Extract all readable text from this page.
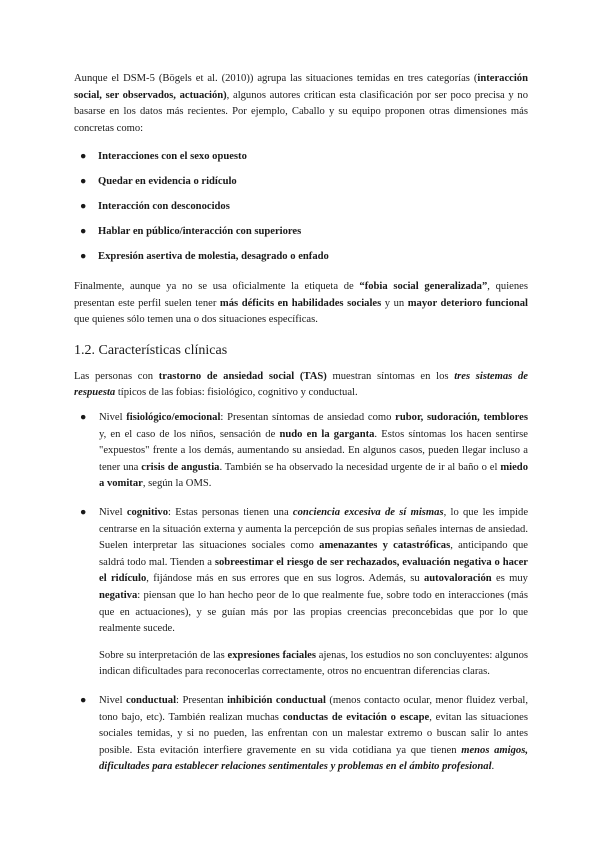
Aunque el DSM-5 (Bögels et al. (2010)) agrupa las situaciones temidas en tres categorías (interacción social, ser observados, actuación), algunos autores critican esta clasificación por ser poco precisa y no basarse en los datos más recientes. Por ejemplo, Caballo y su equipo proponen otras dimensiones más concretas como:

● Interacciones con el sexo opuesto
● Quedar en evidencia o ridículo
● Interacción con desconocidos
● Hablar en público/interacción con superiores
● Expresión asertiva de molestia, desagrado o enfado

Finalmente, aunque ya no se usa oficialmente la etiqueta de “fobia social generalizada”, quienes presentan este perfil suelen tener más déficits en habilidades sociales y un mayor deterioro funcional que quienes sólo temen una o dos situaciones específicas.

1.2. Características clínicas

Las personas con trastorno de ansiedad social (TAS) muestran síntomas en los tres sistemas de respuesta típicos de las fobias: fisiológico, cognitivo y conductual.

● Nivel fisiológico/emocional: Presentan síntomas de ansiedad como rubor, sudoración, temblores y, en el caso de los niños, sensación de nudo en la garganta. Estos síntomas los hacen sentirse "expuestos" frente a los demás, aumentando su ansiedad. En algunos casos, pueden llegar incluso a tener una crisis de angustia. También se ha observado la necesidad urgente de ir al baño o el miedo a vomitar, según la OMS.

● Nivel cognitivo: Estas personas tienen una conciencia excesiva de sí mismas, lo que les impide centrarse en la situación externa y aumenta la percepción de sus propias señales internas de ansiedad. Suelen interpretar las situaciones sociales como amenazantes y catastróficas, anticipando que saldrá todo mal. Tienden a sobreestimar el riesgo de ser rechazados, evaluación negativa o hacer el ridículo, fijándose más en sus errores que en sus logros. Además, su autovaloración es muy negativa: piensan que lo han hecho peor de lo que realmente fue, sobre todo en interacciones (más que en actuaciones), y se guían más por las propias creencias preconcebidas que por lo que realmente sucede.

Sobre su interpretación de las expresiones faciales ajenas, los estudios no son concluyentes: algunos indican dificultades para reconocerlas correctamente, otros no encuentran diferencias claras.

● Nivel conductual: Presentan inhibición conductual (menos contacto ocular, menor fluidez verbal, tono bajo, etc). También realizan muchas conductas de evitación o escape, evitan las situaciones sociales temidas, y si no pueden, las enfrentan con un malestar extremo o buscan salir lo antes posible. Esta evitación interfiere gravemente en su vida cotidiana ya que tienen menos amigos, dificultades para establecer relaciones sentimentales y problemas en el ámbito profesional.
